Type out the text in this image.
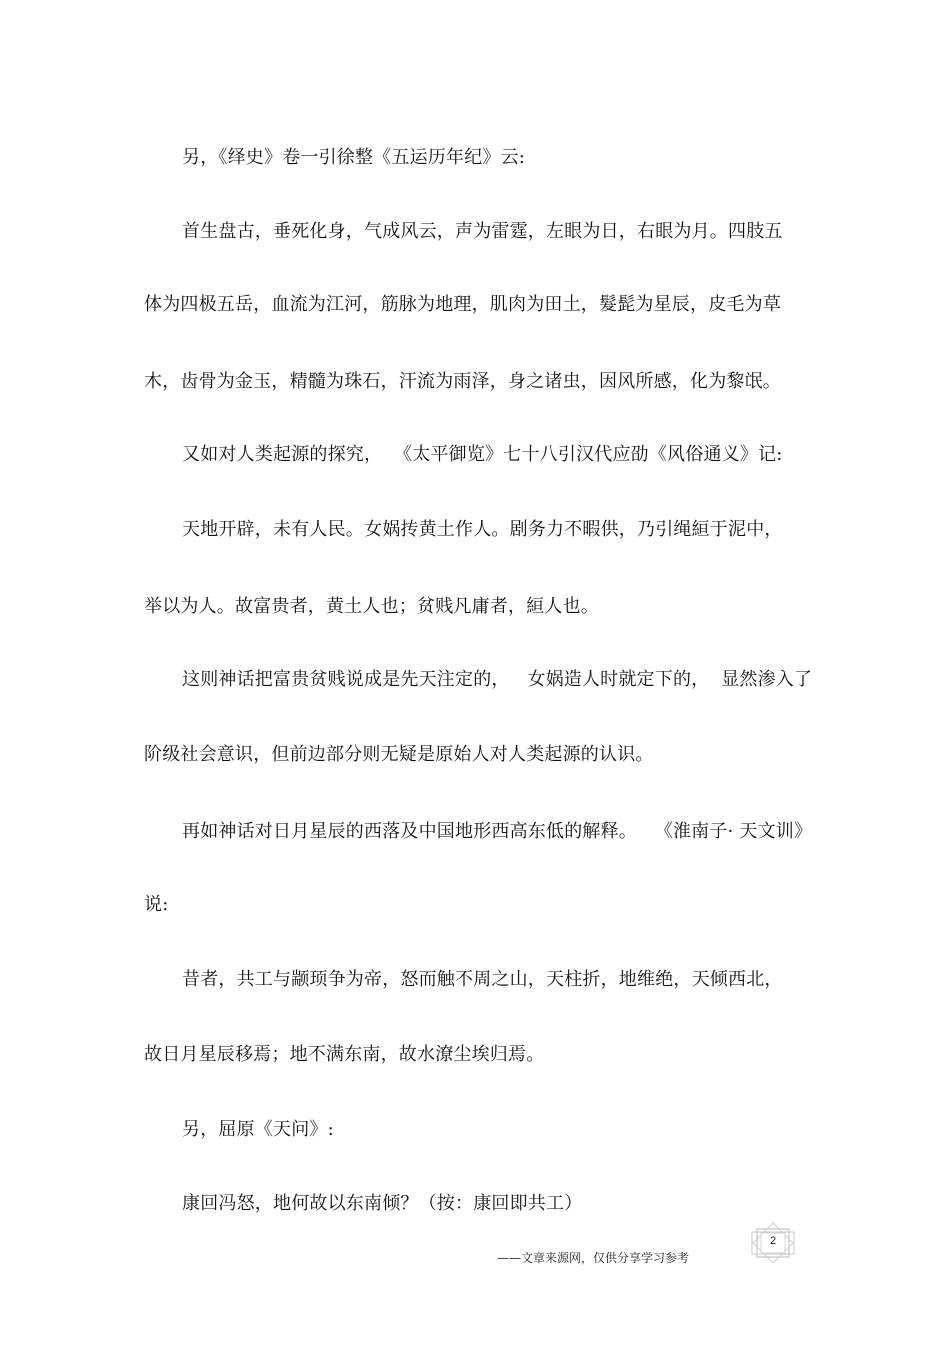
另，《绎史》卷一引徐整《五运历年纪》云:
首生盘古，垂死化身，气成风云，声为雷霆，左眼为日，右眼为月。四肢五
体为四极五岳，血流为江河，筋脉为地理，肌肉为田土，髮髭为星辰，皮毛为草
木，齿骨为金玉，精髓为珠石，汗流为雨泽，身之诸虫，因风所感，化为黎氓。
又如对人类起源的探究，  《太平御览》七十八引汉代应劭《风俗通义》记:
天地开辟，未有人民。女娲抟黄土作人。剧务力不暇供，乃引绳絙于泥中，
举以为人。故富贵者，黄土人也；贫贱凡庸者，絙人也。
这则神话把富贵贫贱说成是先天注定的，   女娲造人时就定下的，  显然渗入了
阶级社会意识，但前边部分则无疑是原始人对人类起源的认识。
再如神话对日月星辰的西落及中国地形西高东低的解释。   《淮南子· 天文训》
说:
昔者，共工与颛顼争为帝，怒而触不周之山，天柱折，地维绝，天倾西北，
故日月星辰移焉；地不满东南，故水潦尘埃归焉。
另，屈原《天问》:
康回冯怒，地何故以东南倾？（按：康回即共工）
2
——文章来源网，仅供分享学习参考
